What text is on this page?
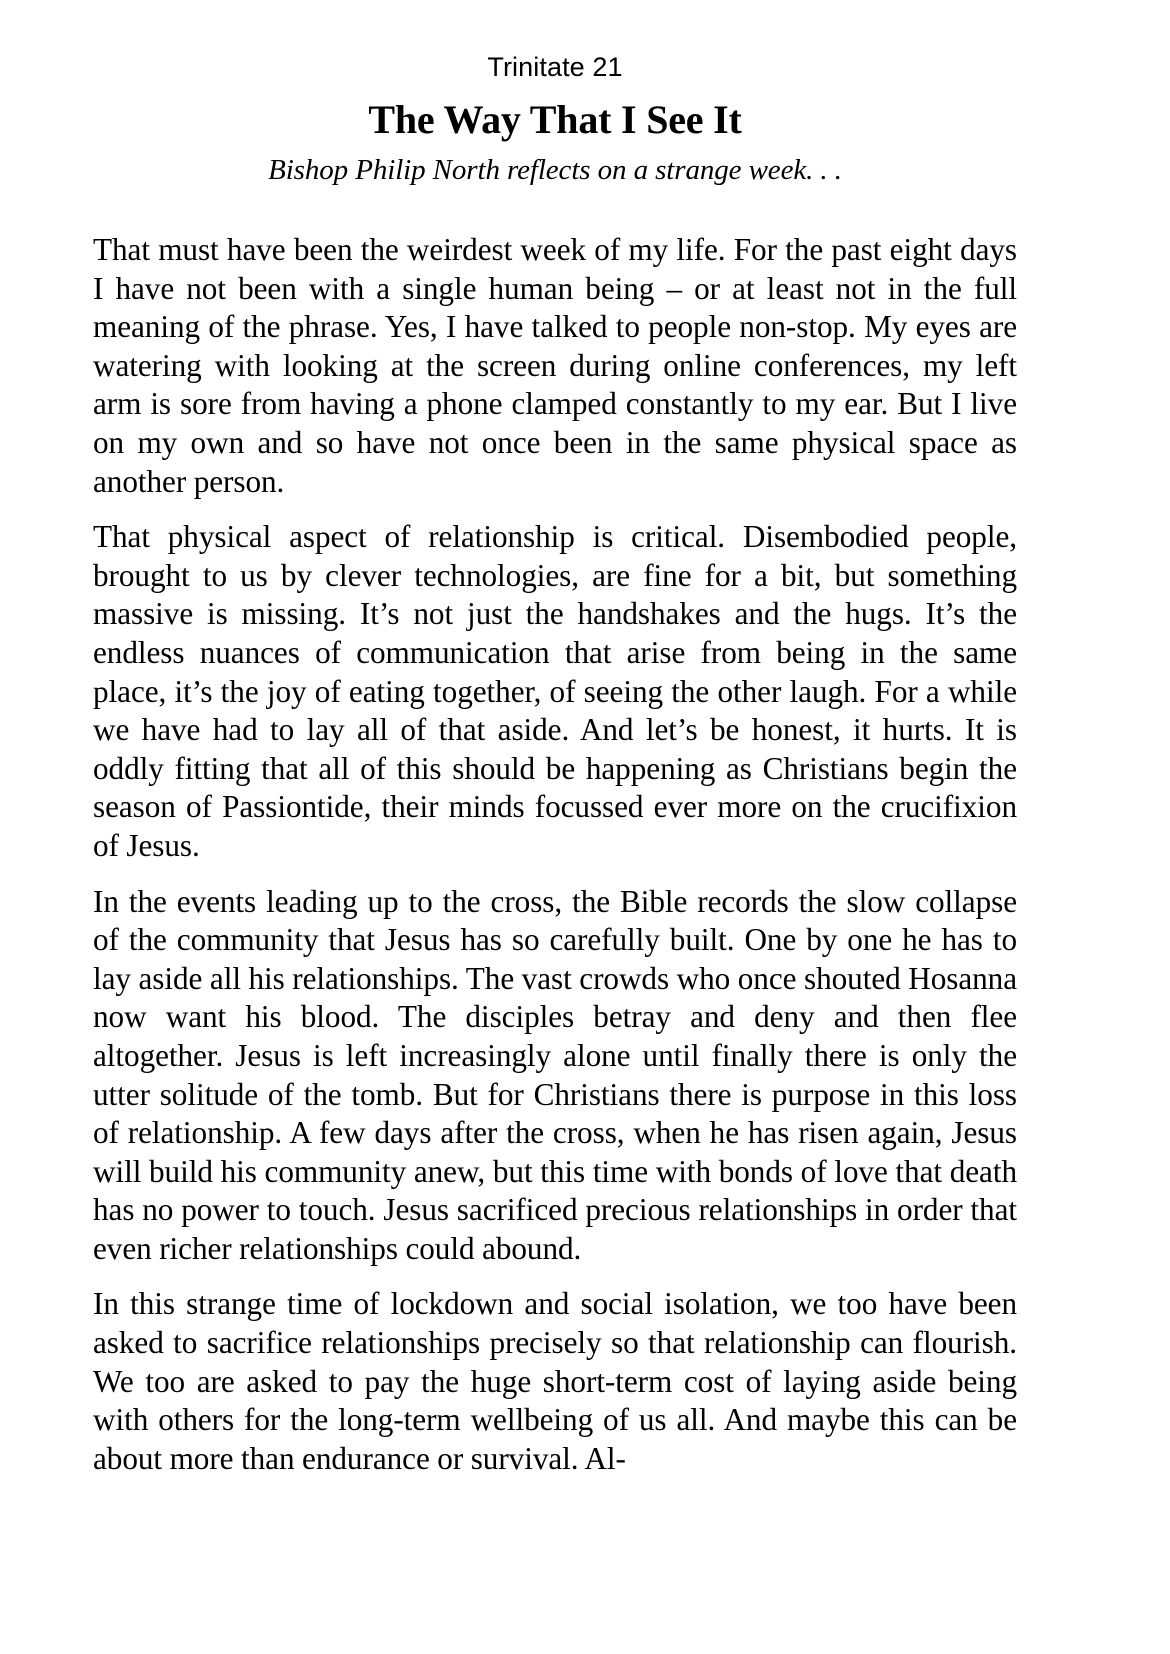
Trinitate 21
The Way That I See It
Bishop Philip North reflects on a strange week. . .

That must have been the weirdest week of my life. For the past eight days I have not been with a single human being – or at least not in the full meaning of the phrase. Yes, I have talked to people non-stop. My eyes are watering with looking at the screen during online conferences, my left arm is sore from having a phone clamped constantly to my ear. But I live on my own and so have not once been in the same physical space as another person.

That physical aspect of relationship is critical. Disembodied people, brought to us by clever technologies, are fine for a bit, but something massive is missing. It’s not just the handshakes and the hugs. It’s the endless nuances of communication that arise from being in the same place, it’s the joy of eating together, of seeing the other laugh. For a while we have had to lay all of that aside. And let’s be honest, it hurts. It is oddly fitting that all of this should be happening as Christians begin the season of Passiontide, their minds focussed ever more on the crucifixion of Jesus.

In the events leading up to the cross, the Bible records the slow collapse of the community that Jesus has so carefully built. One by one he has to lay aside all his relationships. The vast crowds who once shouted Hosanna now want his blood. The disciples betray and deny and then flee altogether. Jesus is left increasingly alone until finally there is only the utter solitude of the tomb. But for Christians there is purpose in this loss of relationship. A few days after the cross, when he has risen again, Jesus will build his community anew, but this time with bonds of love that death has no power to touch. Jesus sacrificed precious relationships in order that even richer relationships could abound.

In this strange time of lockdown and social isolation, we too have been asked to sacrifice relationships precisely so that relationship can flourish. We too are asked to pay the huge short-term cost of laying aside being with others for the long-term wellbeing of us all. And maybe this can be about more than endurance or survival. Al-
